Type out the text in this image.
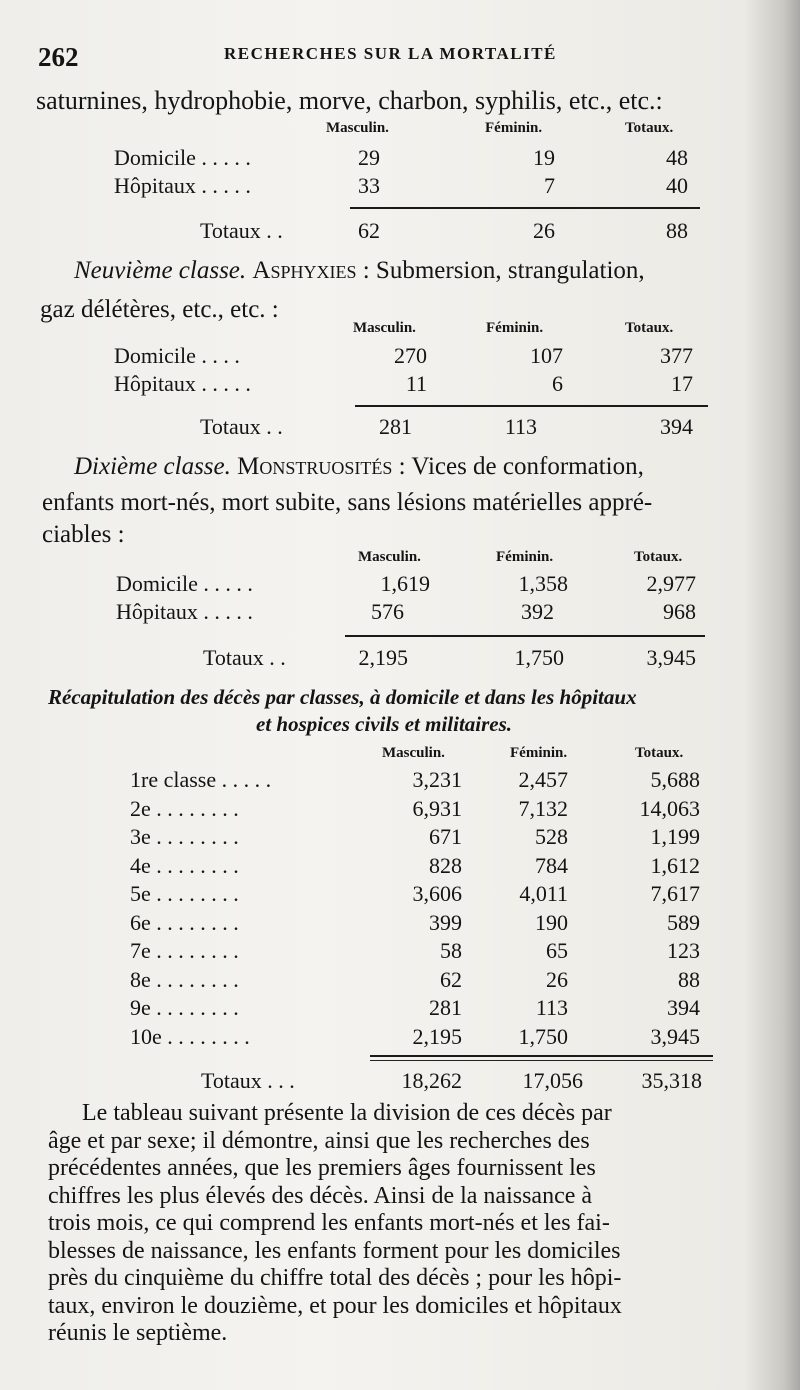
262	RECHERCHES SUR LA MORTALITÉ
saturnines, hydrophobie, morve, charbon, syphilis, etc., etc.:
Masculin.	Féminin.	Totaux.
Domicile . . . . .	29	19	48
Hôpitaux . . . . .	33	7	40
Totaux . .	62	26	88
Neuvième classe. Asphyxies : Submersion, strangulation,
gaz délétères, etc., etc. :
Masculin.	Féminin.	Totaux.
Domicile . . . .	270	107	377
Hôpitaux . . . . .	11	6	17
Totaux . .	281	113	394
Dixième classe. Monstruosités : Vices de conformation,
enfants mort-nés, mort subite, sans lésions matérielles appré-
ciables :
Masculin.	Féminin.	Totaux.
Domicile . . . . .	1,619	1,358	2,977
Hôpitaux . . . . .	576	392	968
Totaux . .	2,195	1,750	3,945
Récapitulation des décès par classes, à domicile et dans les hôpitaux
et hospices civils et militaires.
Masculin.	Féminin.	Totaux.
1re classe . . . . .	3,231	2,457	5,688
2e . . . . . . . .	6,931	7,132	14,063
3e . . . . . . . .	671	528	1,199
4e . . . . . . . .	828	784	1,612
5e . . . . . . . .	3,606	4,011	7,617
6e . . . . . . . .	399	190	589
7e . . . . . . . .	58	65	123
8e . . . . . . . .	62	26	88
9e . . . . . . . .	281	113	394
10e . . . . . . . .	2,195	1,750	3,945
Totaux . . .	18,262	17,056	35,318
Le tableau suivant présente la division de ces décès par
âge et par sexe; il démontre, ainsi que les recherches des
précédentes années, que les premiers âges fournissent les
chiffres les plus élevés des décès. Ainsi de la naissance à
trois mois, ce qui comprend les enfants mort-nés et les fai-
blesses de naissance, les enfants forment pour les domiciles
près du cinquième du chiffre total des décès ; pour les hôpi-
taux, environ le douzième, et pour les domiciles et hôpitaux
réunis le septième.
